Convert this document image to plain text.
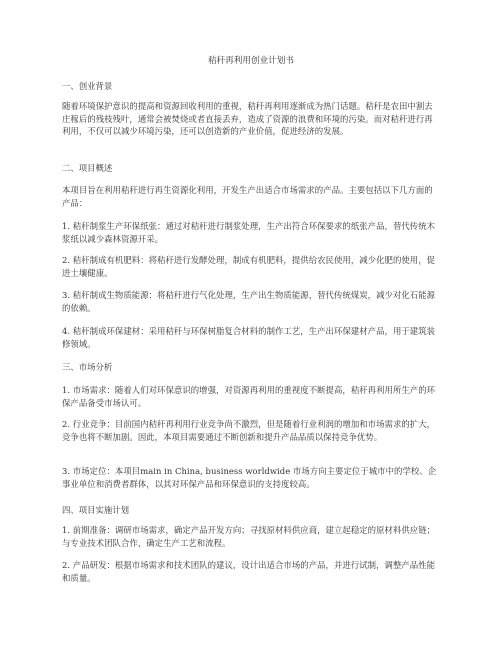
秸秆再利用创业计划书

一、创业背景

随着环境保护意识的提高和资源回收利用的重视，秸秆再利用逐渐成为热门话题。秸秆是农田中割去庄稼后的残枝残叶，通常会被焚烧或者直接丢弃，造成了资源的浪费和环境的污染。而对秸秆进行再利用，不仅可以减少环境污染，还可以创造新的产业价值，促进经济的发展。

二、项目概述

本项目旨在利用秸秆进行再生资源化利用，开发生产出适合市场需求的产品。主要包括以下几方面的产品：

1. 秸秆制浆生产环保纸张：通过对秸秆进行制浆处理，生产出符合环保要求的纸张产品，替代传统木浆纸以减少森林资源开采。

2. 秸秆制成有机肥料：将秸秆进行发酵处理，制成有机肥料，提供给农民使用，减少化肥的使用，促进土壤健康。

3. 秸秆制成生物质能源：将秸秆进行气化处理，生产出生物质能源，替代传统煤炭，减少对化石能源的依赖。

4. 秸秆制成环保建材：采用秸秆与环保树脂复合材料的制作工艺，生产出环保建材产品，用于建筑装修领域。

三、市场分析

1. 市场需求：随着人们对环保意识的增强，对资源再利用的重视度不断提高，秸秆再利用所生产的环保产品备受市场认可。

2. 行业竞争：目前国内秸秆再利用行业竞争尚不激烈，但是随着行业利润的增加和市场需求的扩大，竞争也将不断加剧。因此，本项目需要通过不断创新和提升产品品质以保持竞争优势。

3. 市场定位：本项目main in China, business worldwide 市场方向主要定位于城市中的学校、企事业单位和消费者群体，以其对环保产品和环保意识的支持度较高。

四、项目实施计划

1. 前期准备：调研市场需求，确定产品开发方向；寻找原材料供应商，建立起稳定的原材料供应链；与专业技术团队合作，确定生产工艺和流程。

2. 产品研发：根据市场需求和技术团队的建议，设计出适合市场的产品，并进行试制，调整产品性能和质量。
